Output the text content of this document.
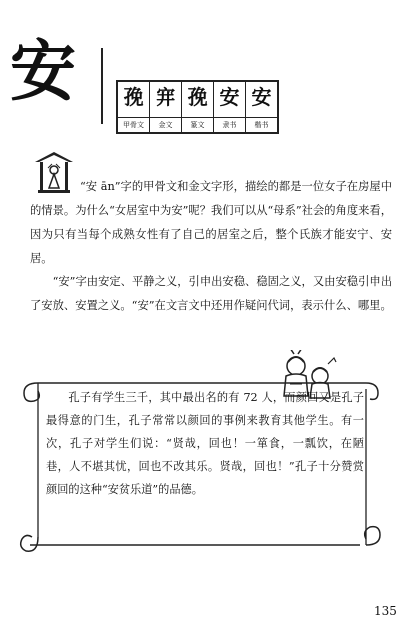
安 㝃
甲骨文
宑
金文
㝃
篆文
安
隶书
安
楷书
“安 ān”字的甲骨文和金文字形，描绘的都是一位女子在房屋中的情景。为什么“女居室中为安”呢？我们可以从“母系”社会的角度来看，因为只有当每个成熟女性有了自己的居室之后，整个氏族才能安宁、安居。
“安”字由安定、平静之义，引申出安稳、稳固之义，又由安稳引申出了安放、安置之义。“安”在文言文中还用作疑问代词，表示什么、哪里。
孔子有学生三千，其中最出名的有 72 人，而颜回又是孔子最得意的门生，孔子常常以颜回的事例来教育其他学生。有一次，孔子对学生们说：“贤哉，回也！一箪食，一瓢饮，在陋巷，人不堪其忧，回也不改其乐。贤哉，回也！”孔子十分赞赏颜回的这种“安贫乐道”的品德。
135
